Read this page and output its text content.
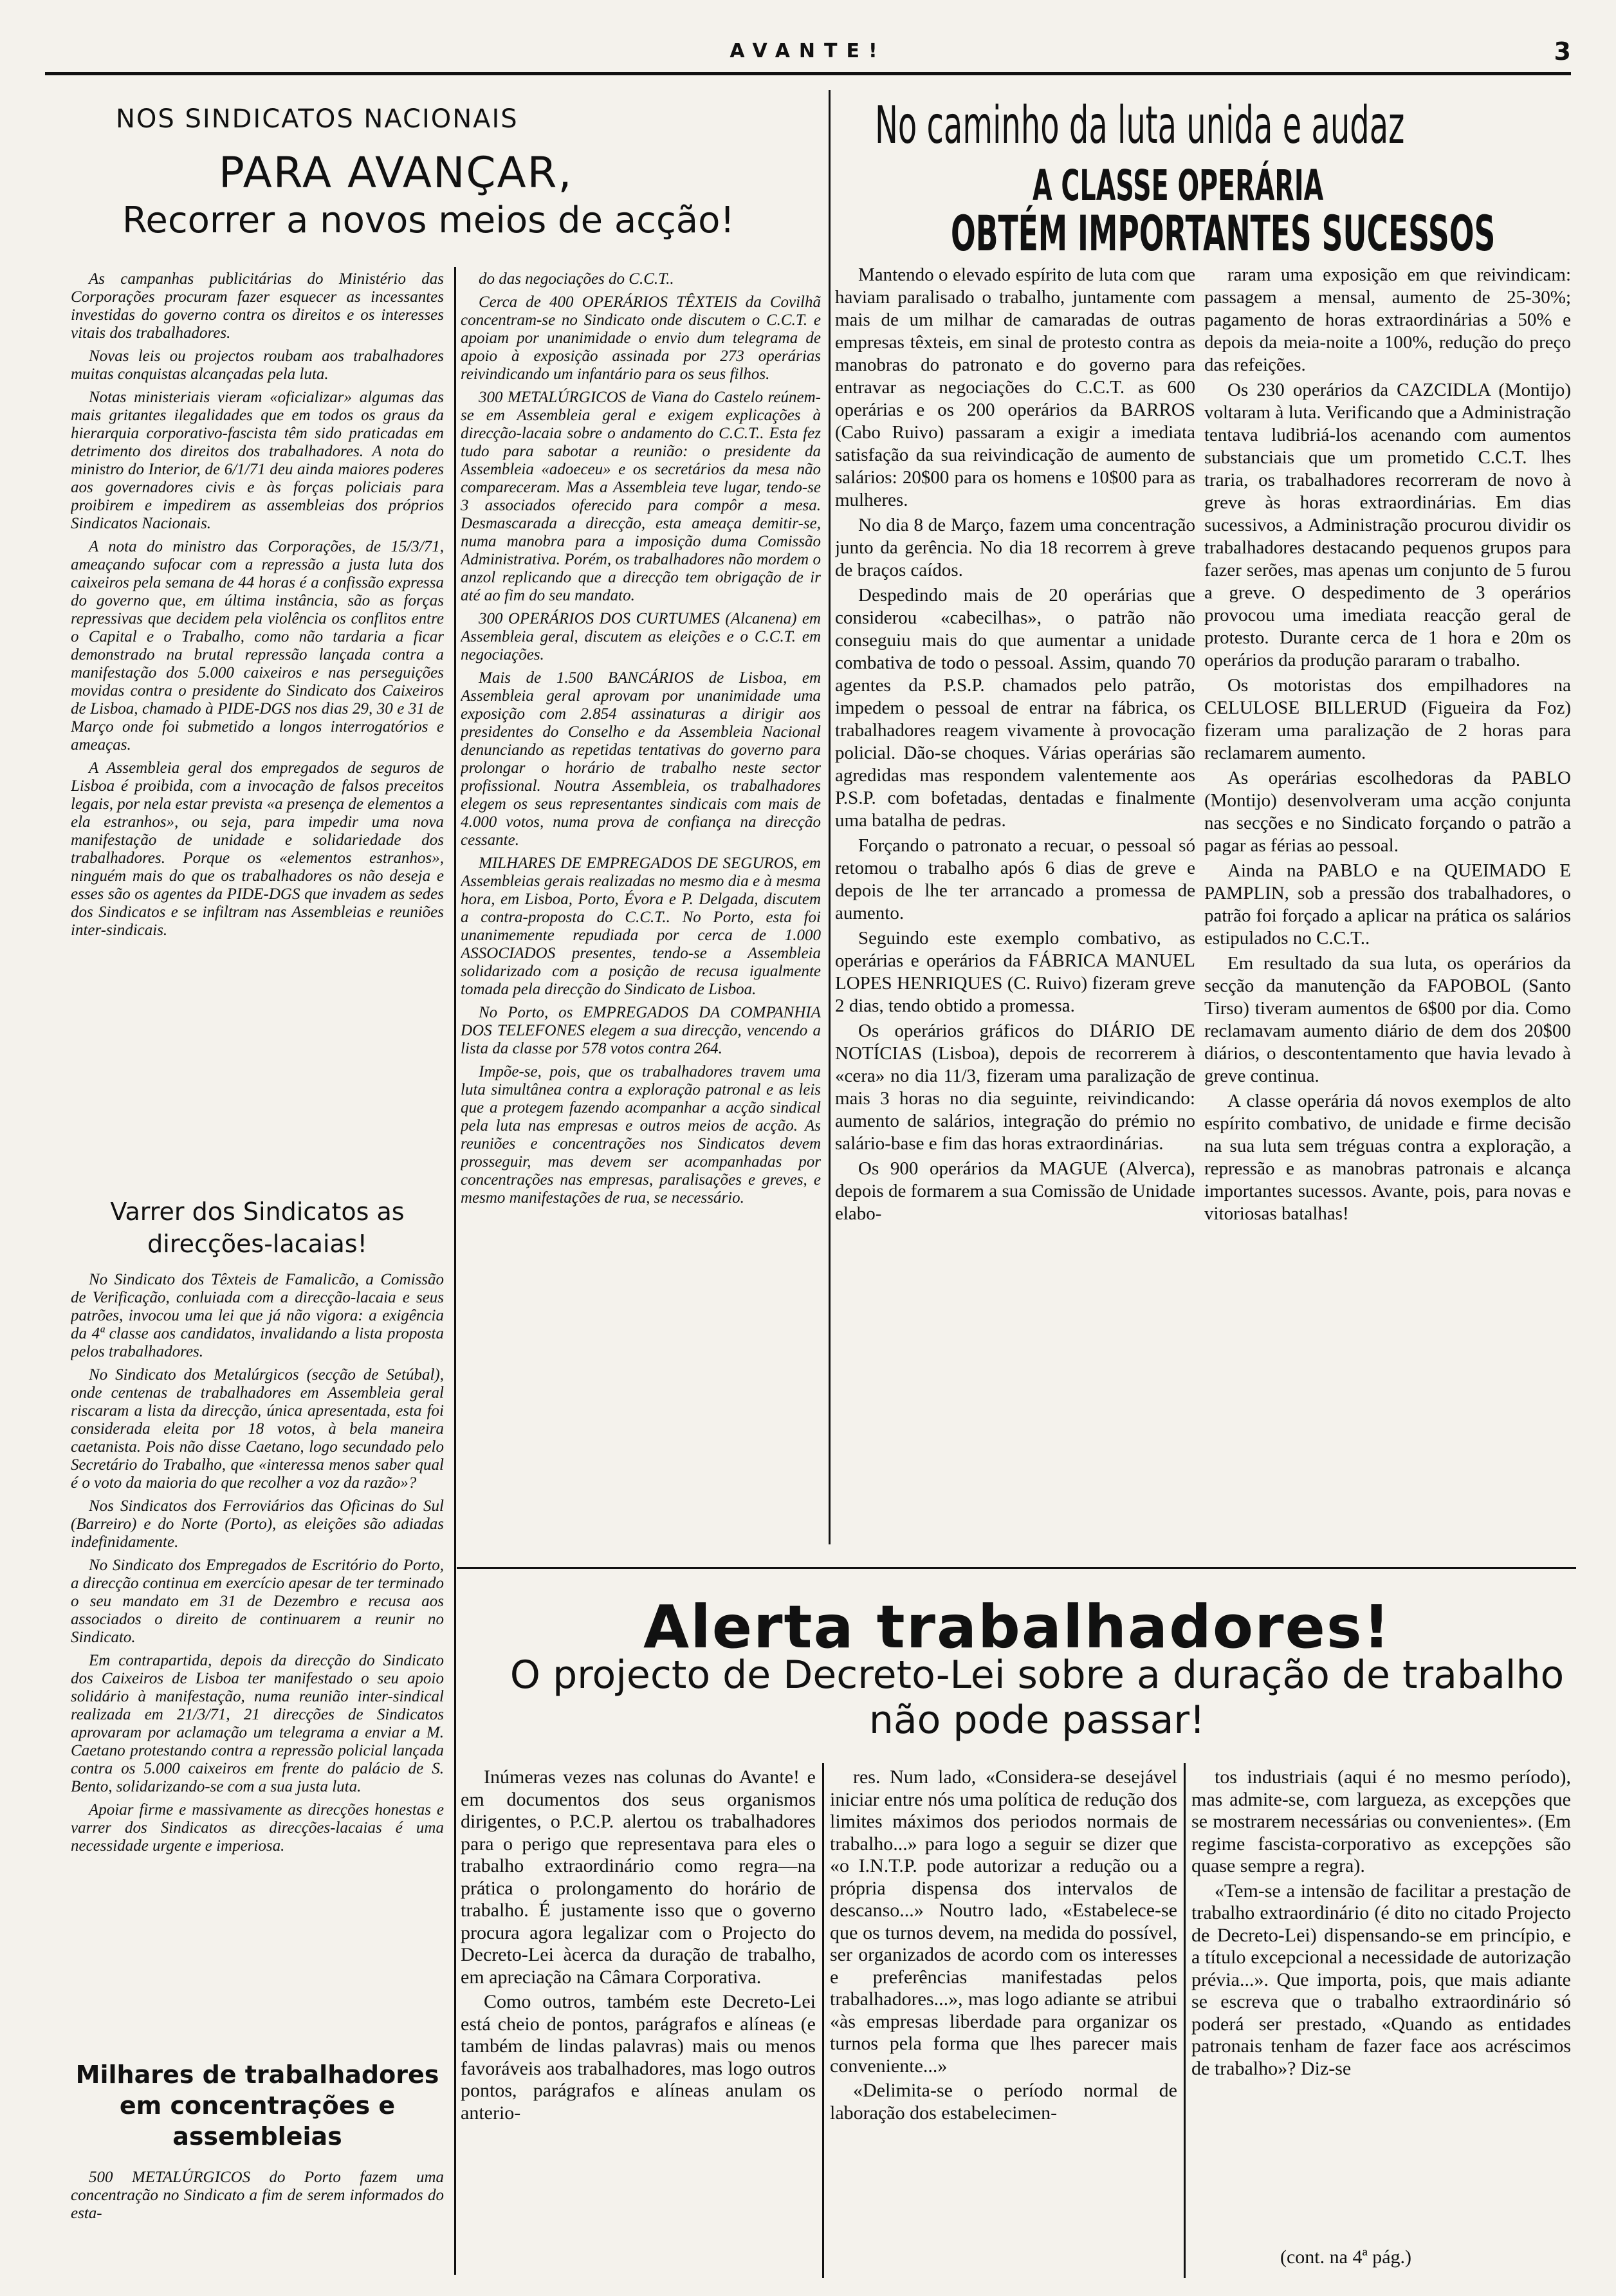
AVANTE!	3
NOS SINDICATOS NACIONAIS
PARA AVANÇAR,
Recorrer a novos meios de acção!

As campanhas publicitárias do Ministério das Corporações procuram fazer esquecer as incessantes investidas do governo contra os direitos e os interesses vitais dos trabalhadores.

Novas leis ou projectos roubam aos trabalhadores muitas conquistas alcançadas pela luta.

Notas ministeriais vieram «oficializar» algumas das mais gritantes ilegalidades que em todos os graus da hierarquia corporativo-fascista têm sido praticadas em detrimento dos direitos dos trabalhadores. A nota do ministro do Interior, de 6/1/71 deu ainda maiores poderes aos governadores civis e às forças policiais para proibirem e impedirem as assembleias dos próprios Sindicatos Nacionais.

A nota do ministro das Corporações, de 15/3/71, ameaçando sufocar com a repressão a justa luta dos caixeiros pela semana de 44 horas é a confissão expressa do governo que, em última instância, são as forças repressivas que decidem pela violência os conflitos entre o Capital e o Trabalho, como não tardaria a ficar demonstrado na brutal repressão lançada contra a manifestação dos 5.000 caixeiros e nas perseguições movidas contra o presidente do Sindicato dos Caixeiros de Lisboa, chamado à PIDE-DGS nos dias 29, 30 e 31 de Março onde foi submetido a longos interrogatórios e ameaças.

A Assembleia geral dos empregados de seguros de Lisboa é proibida, com a invocação de falsos preceitos legais, por nela estar prevista «a presença de elementos a ela estranhos», ou seja, para impedir uma nova manifestação de unidade e solidariedade dos trabalhadores. Porque os «elementos estranhos», ninguém mais do que os trabalhadores os não deseja e esses são os agentes da PIDE-DGS que invadem as sedes dos Sindicatos e se infiltram nas Assembleias e reuniões inter-sindicais.

Varrer dos Sindicatos as direcções-lacaias!

No Sindicato dos Têxteis de Famalicão, a Comissão de Verificação, conluiada com a direcção-lacaia e seus patrões, invocou uma lei que já não vigora: a exigência da 4ª classe aos candidatos, invalidando a lista proposta pelos trabalhadores.

No Sindicato dos Metalúrgicos (secção de Setúbal), onde centenas de trabalhadores em Assembleia geral riscaram a lista da direcção, única apresentada, esta foi considerada eleita por 18 votos, à bela maneira caetanista. Pois não disse Caetano, logo secundado pelo Secretário do Trabalho, que «interessa menos saber qual é o voto da maioria do que recolher a voz da razão»?

Nos Sindicatos dos Ferroviários das Oficinas do Sul (Barreiro) e do Norte (Porto), as eleições são adiadas indefinidamente.

No Sindicato dos Empregados de Escritório do Porto, a direcção continua em exercício apesar de ter terminado o seu mandato em 31 de Dezembro e recusa aos associados o direito de continuarem a reunir no Sindicato.

Em contrapartida, depois da direcção do Sindicato dos Caixeiros de Lisboa ter manifestado o seu apoio solidário à manifestação, numa reunião inter-sindical realizada em 21/3/71, 21 direcções de Sindicatos aprovaram por aclamação um telegrama a enviar a M. Caetano protestando contra a repressão policial lançada contra os 5.000 caixeiros em frente do palácio de S. Bento, solidarizando-se com a sua justa luta.

Apoiar firme e massivamente as direcções honestas e varrer dos Sindicatos as direcções-lacaias é uma necessidade urgente e imperiosa.

Milhares de trabalhadores em concentrações e assembleias

500 METALÚRGICOS do Porto fazem uma concentração no Sindicato a fim de serem informados do esta-

do das negociações do C.C.T..

Cerca de 400 OPERÁRIOS TÊXTEIS da Covilhã concentram-se no Sindicato onde discutem o C.C.T. e apoiam por unanimidade o envio dum telegrama de apoio à exposição assinada por 273 operárias reivindicando um infantário para os seus filhos.

300 METALÚRGICOS de Viana do Castelo reúnem-se em Assembleia geral e exigem explicações à direcção-lacaia sobre o andamento do C.C.T.. Esta fez tudo para sabotar a reunião: o presidente da Assembleia «adoeceu» e os secretários da mesa não compareceram. Mas a Assembleia teve lugar, tendo-se 3 associados oferecido para compôr a mesa. Desmascarada a direcção, esta ameaça demitir-se, numa manobra para a imposição duma Comissão Administrativa. Porém, os trabalhadores não mordem o anzol replicando que a direcção tem obrigação de ir até ao fim do seu mandato.

300 OPERÁRIOS DOS CURTUMES (Alcanena) em Assembleia geral, discutem as eleições e o C.C.T. em negociações.

Mais de 1.500 BANCÁRIOS de Lisboa, em Assembleia geral aprovam por unanimidade uma exposição com 2.854 assinaturas a dirigir aos presidentes do Conselho e da Assembleia Nacional denunciando as repetidas tentativas do governo para prolongar o horário de trabalho neste sector profissional. Noutra Assembleia, os trabalhadores elegem os seus representantes sindicais com mais de 4.000 votos, numa prova de confiança na direcção cessante.

MILHARES DE EMPREGADOS DE SEGUROS, em Assembleias gerais realizadas no mesmo dia e à mesma hora, em Lisboa, Porto, Évora e P. Delgada, discutem a contra-proposta do C.C.T.. No Porto, esta foi unanimemente repudiada por cerca de 1.000 ASSOCIADOS presentes, tendo-se a Assembleia solidarizado com a posição de recusa igualmente tomada pela direcção do Sindicato de Lisboa.

No Porto, os EMPREGADOS DA COMPANHIA DOS TELEFONES elegem a sua direcção, vencendo a lista da classe por 578 votos contra 264.

Impõe-se, pois, que os trabalhadores travem uma luta simultânea contra a exploração patronal e as leis que a protegem fazendo acompanhar a acção sindical pela luta nas empresas e outros meios de acção. As reuniões e concentrações nos Sindicatos devem prosseguir, mas devem ser acompanhadas por concentrações nas empresas, paralisações e greves, e mesmo manifestações de rua, se necessário.

No caminho da luta unida e audaz
A CLASSE OPERÁRIA
OBTÉM IMPORTANTES SUCESSOS

Mantendo o elevado espírito de luta com que haviam paralisado o trabalho, juntamente com mais de um milhar de camaradas de outras empresas têxteis, em sinal de protesto contra as manobras do patronato e do governo para entravar as negociações do C.C.T. as 600 operárias e os 200 operários da BARROS (Cabo Ruivo) passaram a exigir a imediata satisfação da sua reivindicação de aumento de salários: 20$00 para os homens e 10$00 para as mulheres.

No dia 8 de Março, fazem uma concentração junto da gerência. No dia 18 recorrem à greve de braços caídos.

Despedindo mais de 20 operárias que considerou «cabecilhas», o patrão não conseguiu mais do que aumentar a unidade combativa de todo o pessoal. Assim, quando 70 agentes da P.S.P. chamados pelo patrão, impedem o pessoal de entrar na fábrica, os trabalhadores reagem vivamente à provocação policial. Dão-se choques. Várias operárias são agredidas mas respondem valentemente aos P.S.P. com bofetadas, dentadas e finalmente uma batalha de pedras.

Forçando o patronato a recuar, o pessoal só retomou o trabalho após 6 dias de greve e depois de lhe ter arrancado a promessa de aumento.

Seguindo este exemplo combativo, as operárias e operários da FÁBRICA MANUEL LOPES HENRIQUES (C. Ruivo) fizeram greve 2 dias, tendo obtido a promessa.

Os operários gráficos do DIÁRIO DE NOTÍCIAS (Lisboa), depois de recorrerem à «cera» no dia 11/3, fizeram uma paralização de mais 3 horas no dia seguinte, reivindicando: aumento de salários, integração do prémio no salário-base e fim das horas extraordinárias.

Os 900 operários da MAGUE (Alverca), depois de formarem a sua Comissão de Unidade elabo-

raram uma exposição em que reivindicam: passagem a mensal, aumento de 25-30%; pagamento de horas extraordinárias a 50% e depois da meia-noite a 100%, redução do preço das refeições.

Os 230 operários da CAZCIDLA (Montijo) voltaram à luta. Verificando que a Administração tentava ludibriá-los acenando com aumentos substanciais que um prometido C.C.T. lhes traria, os trabalhadores recorreram de novo à greve às horas extraordinárias. Em dias sucessivos, a Administração procurou dividir os trabalhadores destacando pequenos grupos para fazer serões, mas apenas um conjunto de 5 furou a greve. O despedimento de 3 operários provocou uma imediata reacção geral de protesto. Durante cerca de 1 hora e 20m os operários da produção pararam o trabalho.

Os motoristas dos empilhadores na CELULOSE BILLERUD (Figueira da Foz) fizeram uma paralização de 2 horas para reclamarem aumento.

As operárias escolhedoras da PABLO (Montijo) desenvolveram uma acção conjunta nas secções e no Sindicato forçando o patrão a pagar as férias ao pessoal.

Ainda na PABLO e na QUEIMADO E PAMPLIN, sob a pressão dos trabalhadores, o patrão foi forçado a aplicar na prática os salários estipulados no C.C.T..

Em resultado da sua luta, os operários da secção da manutenção da FAPOBOL (Santo Tirso) tiveram aumentos de 6$00 por dia. Como reclamavam aumento diário de dem dos 20$00 diários, o descontentamento que havia levado à greve continua.

A classe operária dá novos exemplos de alto espírito combativo, de unidade e firme decisão na sua luta sem tréguas contra a exploração, a repressão e as manobras patronais e alcança importantes sucessos. Avante, pois, para novas e vitoriosas batalhas!

Alerta trabalhadores!
O projecto de Decreto-Lei sobre a duração de trabalho não pode passar!

Inúmeras vezes nas colunas do Avante! e em documentos dos seus organismos dirigentes, o P.C.P. alertou os trabalhadores para o perigo que representava para eles o trabalho extraordinário como regra—na prática o prolongamento do horário de trabalho. É justamente isso que o governo procura agora legalizar com o Projecto do Decreto-Lei àcerca da duração de trabalho, em apreciação na Câmara Corporativa.

Como outros, também este Decreto-Lei está cheio de pontos, parágrafos e alíneas (e também de lindas palavras) mais ou menos favoráveis aos trabalhadores, mas logo outros pontos, parágrafos e alíneas anulam os anterio-

res. Num lado, «Considera-se desejável iniciar entre nós uma política de redução dos limites máximos dos periodos normais de trabalho...» para logo a seguir se dizer que «o I.N.T.P. pode autorizar a redução ou a própria dispensa dos intervalos de descanso...» Noutro lado, «Estabelece-se que os turnos devem, na medida do possível, ser organizados de acordo com os interesses e preferências manifestadas pelos trabalhadores...», mas logo adiante se atribui «às empresas liberdade para organizar os turnos pela forma que lhes parecer mais conveniente...»

«Delimita-se o período normal de laboração dos estabelecimen-

tos industriais (aqui é no mesmo período), mas admite-se, com largueza, as excepções que se mostrarem necessárias ou convenientes». (Em regime fascista-corporativo as excepções são quase sempre a regra).

«Tem-se a intensão de facilitar a prestação de trabalho extraordinário (é dito no citado Projecto de Decreto-Lei) dispensando-se em princípio, e a título excepcional a necessidade de autorização prévia...». Que importa, pois, que mais adiante se escreva que o trabalho extraordinário só poderá ser prestado, «Quando as entidades patronais tenham de fazer face aos acréscimos de trabalho»? Diz-se

(cont. na 4ª pág.)
